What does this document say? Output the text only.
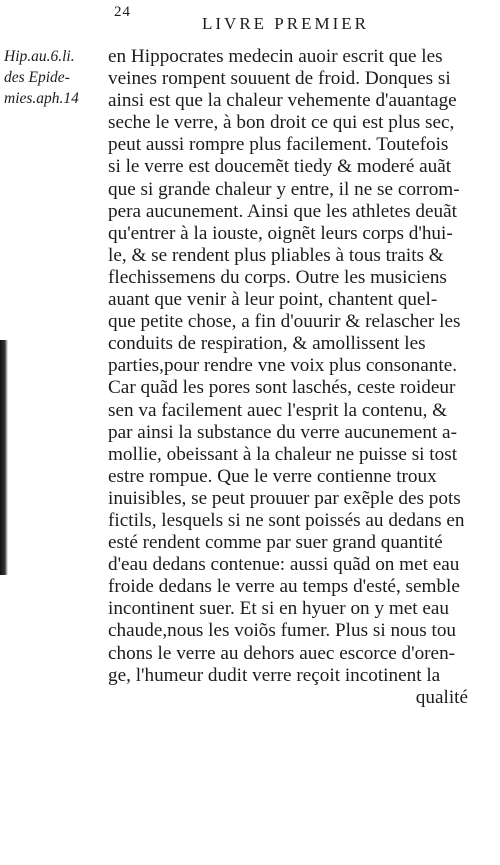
24
LIVRE PREMIER
Hip.au.6.li.
des Epide-
mies.aph.14
en Hippocrates medecin auoir escrit que les
veines rompent souuent de froid. Donques si
ainsi est que la chaleur vehemente d'auantage
seche le verre, à bon droit ce qui est plus sec,
peut aussi rompre plus facilement. Toutefois
si le verre est doucemẽt tiedy & moderé auãt
que si grande chaleur y entre, il ne se corrom-
pera aucunement. Ainsi que les athletes deuãt
qu'entrer à la iouste, oignẽt leurs corps d'hui-
le, & se rendent plus pliables à tous traits &
flechissemens du corps. Outre les musiciens
auant que venir à leur point, chantent quel-
que petite chose, a fin d'ouurir & relascher les
conduits de respiration, & amollissent les
parties,pour rendre vne voix plus consonante.
Car quãd les pores sont laschés, ceste roideur
sen va facilement auec l'esprit la contenu, &
par ainsi la substance du verre aucunement a-
mollie, obeissant à la chaleur ne puisse si tost
estre rompue. Que le verre contienne troux
inuisibles, se peut prouuer par exẽple des pots
fictils, lesquels si ne sont poissés au dedans en
esté rendent comme par suer grand quantité
d'eau dedans contenue: aussi quãd on met eau
froide dedans le verre au temps d'esté, semble
incontinent suer. Et si en hyuer on y met eau
chaude,nous les voiõs fumer. Plus si nous tou
chons le verre au dehors auec escorce d'oren-
ge, l'humeur dudit verre reçoit incotinent la
qualité
